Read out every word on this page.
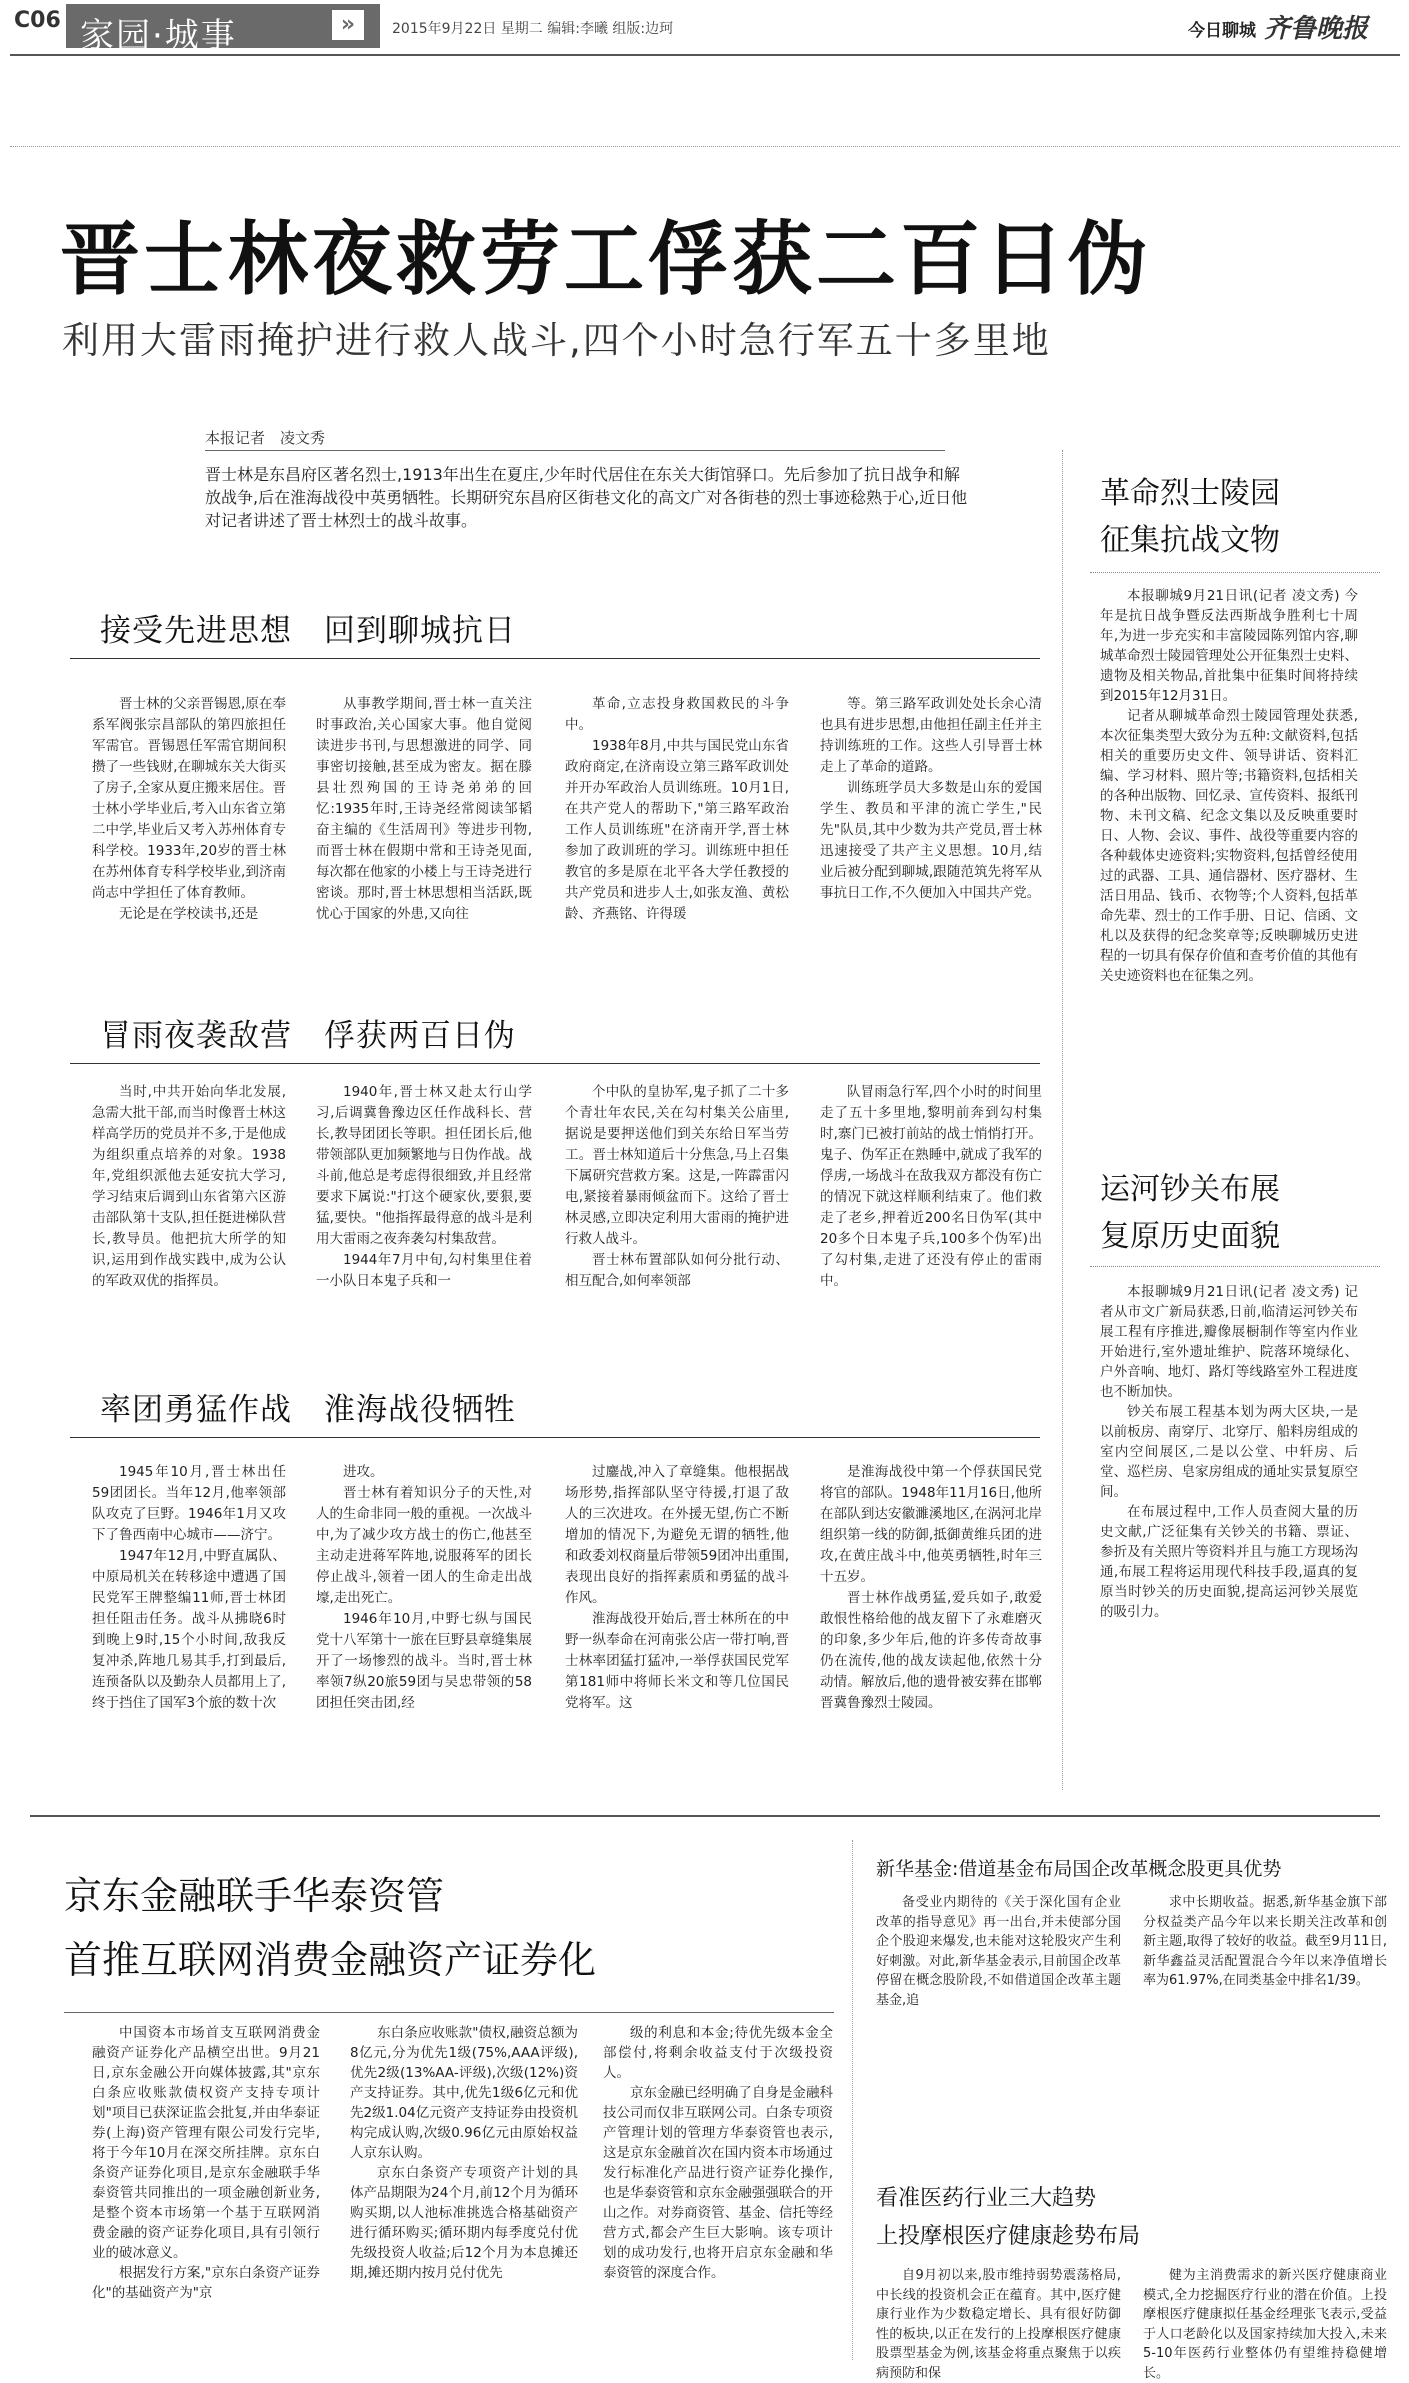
C06 家园·城事	»	2015年9月22日 星期二 编辑:李曦 组版:边珂	今日聊城 齐鲁晚报
晋士林夜救劳工俘获二百日伪
利用大雷雨掩护进行救人战斗,四个小时急行军五十多里地
本报记者　凌文秀
晋士林是东昌府区著名烈士,1913年出生在夏庄,少年时代居住在东关大街馆驿口。先后参加了抗日战争和解放战争,后在淮海战役中英勇牺牲。长期研究东昌府区街巷文化的高文广对各街巷的烈士事迹稔熟于心,近日他对记者讲述了晋士林烈士的战斗故事。
接受先进思想　回到聊城抗日

晋士林的父亲晋锡恩,原在奉系军阀张宗昌部队的第四旅担任军需官。晋锡恩任军需官期间积攒了一些钱财,在聊城东关大街买了房子,全家从夏庄搬来居住。晋士林小学毕业后,考入山东省立第二中学,毕业后又考入苏州体育专科学校。1933年,20岁的晋士林在苏州体育专科学校毕业,到济南尚志中学担任了体育教师。

无论是在学校读书,还是

从事教学期间,晋士林一直关注时事政治,关心国家大事。他自觉阅读进步书刊,与思想激进的同学、同事密切接触,甚至成为密友。据在滕县壮烈殉国的王诗尧弟弟的回忆:1935年时,王诗尧经常阅读邹韬奋主编的《生活周刊》等进步刊物,而晋士林在假期中常和王诗尧见面,每次都在他家的小楼上与王诗尧进行密谈。那时,晋士林思想相当活跃,既忧心于国家的外患,又向往

革命,立志投身救国救民的斗争中。

1938年8月,中共与国民党山东省政府商定,在济南设立第三路军政训处并开办军政治人员训练班。10月1日,在共产党人的帮助下,"第三路军政治工作人员训练班"在济南开学,晋士林参加了政训班的学习。训练班中担任教官的多是原在北平各大学任教授的共产党员和进步人士,如张友渔、黄松龄、齐燕铭、许得瑗

等。第三路军政训处处长余心清也具有进步思想,由他担任副主任并主持训练班的工作。这些人引导晋士林走上了革命的道路。

训练班学员大多数是山东的爱国学生、教员和平津的流亡学生,"民先"队员,其中少数为共产党员,晋士林迅速接受了共产主义思想。10月,结业后被分配到聊城,跟随范筑先将军从事抗日工作,不久便加入中国共产党。

冒雨夜袭敌营　俘获两百日伪

当时,中共开始向华北发展,急需大批干部,而当时像晋士林这样高学历的党员并不多,于是他成为组织重点培养的对象。1938年,党组织派他去延安抗大学习,学习结束后调到山东省第六区游击部队第十支队,担任挺进梯队营长,教导员。他把抗大所学的知识,运用到作战实践中,成为公认的军政双优的指挥员。

1940年,晋士林又赴太行山学习,后调冀鲁豫边区任作战科长、营长,教导团团长等职。担任团长后,他带领部队更加频繁地与日伪作战。战斗前,他总是考虑得很细致,并且经常要求下属说:"打这个硬家伙,要狠,要猛,要快。"他指挥最得意的战斗是利用大雷雨之夜奔袭勾村集敌营。

1944年7月中旬,勾村集里住着一小队日本鬼子兵和一

个中队的皇协军,鬼子抓了二十多个青壮年农民,关在勾村集关公庙里,据说是要押送他们到关东给日军当劳工。晋士林知道后十分焦急,马上召集下属研究营救方案。这是,一阵霹雷闪电,紧接着暴雨倾盆而下。这给了晋士林灵感,立即决定利用大雷雨的掩护进行救人战斗。

晋士林布置部队如何分批行动、相互配合,如何率领部

队冒雨急行军,四个小时的时间里走了五十多里地,黎明前奔到勾村集时,寨门已被打前站的战士悄悄打开。鬼子、伪军正在熟睡中,就成了我军的俘虏,一场战斗在敌我双方都没有伤亡的情况下就这样顺利结束了。他们救走了老乡,押着近200名日伪军(其中20多个日本鬼子兵,100多个伪军)出了勾村集,走进了还没有停止的雷雨中。

率团勇猛作战　淮海战役牺牲

1945年10月,晋士林出任59团团长。当年12月,他率领部队攻克了巨野。1946年1月又攻下了鲁西南中心城市——济宁。

1947年12月,中野直属队、中原局机关在转移途中遭遇了国民党军王牌整编11师,晋士林团担任阻击任务。战斗从拂晓6时到晚上9时,15个小时间,敌我反复冲杀,阵地几易其手,打到最后,连预备队以及勤杂人员都用上了,终于挡住了国军3个旅的数十次

进攻。

晋士林有着知识分子的天性,对人的生命非同一般的重视。一次战斗中,为了减少攻方战士的伤亡,他甚至主动走进蒋军阵地,说服蒋军的团长停止战斗,领着一团人的生命走出战壕,走出死亡。

1946年10月,中野七纵与国民党十八军第十一旅在巨野县章缝集展开了一场惨烈的战斗。当时,晋士林率领7纵20旅59团与吴忠带领的58团担任突击团,经

过鏖战,冲入了章缝集。他根据战场形势,指挥部队坚守待援,打退了敌人的三次进攻。在外援无望,伤亡不断增加的情况下,为避免无谓的牺牲,他和政委刘权商量后带领59团冲出重围,表现出良好的指挥素质和勇猛的战斗作风。

淮海战役开始后,晋士林所在的中野一纵奉命在河南张公店一带打响,晋士林率团猛打猛冲,一举俘获国民党军第181师中将师长米文和等几位国民党将军。这

是淮海战役中第一个俘获国民党将官的部队。1948年11月16日,他所在部队到达安徽濉溪地区,在涡河北岸组织第一线的防御,抵御黄维兵团的进攻,在黄庄战斗中,他英勇牺牲,时年三十五岁。

晋士林作战勇猛,爱兵如子,敢爱敢恨性格给他的战友留下了永难磨灭的印象,多少年后,他的许多传奇故事仍在流传,他的战友读起他,依然十分动情。解放后,他的遗骨被安葬在邯郸晋冀鲁豫烈士陵园。

革命烈士陵园
征集抗战文物

本报聊城9月21日讯(记者 凌文秀) 今年是抗日战争暨反法西斯战争胜利七十周年,为进一步充实和丰富陵园陈列馆内容,聊城革命烈士陵园管理处公开征集烈士史料、遗物及相关物品,首批集中征集时间将持续到2015年12月31日。

记者从聊城革命烈士陵园管理处获悉,本次征集类型大致分为五种:文献资料,包括相关的重要历史文件、领导讲话、资料汇编、学习材料、照片等;书籍资料,包括相关的各种出版物、回忆录、宣传资料、报纸刊物、未刊文稿、纪念文集以及反映重要时日、人物、会议、事件、战役等重要内容的各种载体史迹资料;实物资料,包括曾经使用过的武器、工具、通信器材、医疗器材、生活日用品、钱币、衣物等;个人资料,包括革命先辈、烈士的工作手册、日记、信函、文札以及获得的纪念奖章等;反映聊城历史进程的一切具有保存价值和查考价值的其他有关史迹资料也在征集之列。

运河钞关布展
复原历史面貌

本报聊城9月21日讯(记者 凌文秀) 记者从市文广新局获悉,日前,临清运河钞关布展工程有序推进,瓣像展橱制作等室内作业开始进行,室外遗址维护、院落环境绿化、户外音响、地灯、路灯等线路室外工程进度也不断加快。

钞关布展工程基本划为两大区块,一是以前板房、南穿厅、北穿厅、船料房组成的室内空间展区,二是以公堂、中轩房、后堂、巡栏房、皂家房组成的通址实景复原空间。

在布展过程中,工作人员查阅大量的历史文献,广泛征集有关钞关的书籍、票证、参折及有关照片等资料并且与施工方现场沟通,布展工程将运用现代科技手段,逼真的复原当时钞关的历史面貌,提高运河钞关展览的吸引力。

京东金融联手华泰资管
首推互联网消费金融资产证券化

中国资本市场首支互联网消费金融资产证券化产品横空出世。9月21日,京东金融公开向媒体披露,其"京东白条应收账款债权资产支持专项计划"项目已获深证监会批复,并由华泰证券(上海)资产管理有限公司发行完毕,将于今年10月在深交所挂牌。京东白条资产证券化项目,是京东金融联手华泰资管共同推出的一项金融创新业务,是整个资本市场第一个基于互联网消费金融的资产证券化项目,具有引领行业的破冰意义。

根据发行方案,"京东白条资产证券化"的基础资产为"京

东白条应收账款"债权,融资总额为8亿元,分为优先1级(75%,AAA评级),优先2级(13%AA-评级),次级(12%)资产支持证券。其中,优先1级6亿元和优先2级1.04亿元资产支持证券由投资机构完成认购,次级0.96亿元由原始权益人京东认购。

京东白条资产专项资产计划的具体产品期限为24个月,前12个月为循环购买期,以人池标准挑选合格基础资产进行循环购买;循环期内每季度兑付优先级投资人收益;后12个月为本息摊还期,摊还期内按月兑付优先

级的利息和本金;待优先级本金全部偿付,将剩余收益支付于次级投资人。

京东金融已经明确了自身是金融科技公司而仅非互联网公司。白条专项资产管理计划的管理方华泰资管也表示,这是京东金融首次在国内资本市场通过发行标准化产品进行资产证券化操作,也是华泰资管和京东金融强强联合的开山之作。对券商资管、基金、信托等经营方式,都会产生巨大影响。该专项计划的成功发行,也将开启京东金融和华泰资管的深度合作。

新华基金:借道基金布局国企改革概念股更具优势

备受业内期待的《关于深化国有企业改革的指导意见》再一出台,并未使部分国企个股迎来爆发,也未能对这轮股灾产生利好刺激。对此,新华基金表示,目前国企改革停留在概念股阶段,不如借道国企改革主题基金,追

求中长期收益。据悉,新华基金旗下部分权益类产品今年以来长期关注改革和创新主题,取得了较好的收益。截至9月11日,新华鑫益灵活配置混合今年以来净值增长率为61.97%,在同类基金中排名1/39。

看准医药行业三大趋势
上投摩根医疗健康趁势布局

自9月初以来,股市维持弱势震荡格局,中长线的投资机会正在蕴育。其中,医疗健康行业作为少数稳定增长、具有很好防御性的板块,以正在发行的上投摩根医疗健康股票型基金为例,该基金将重点聚焦于以疾病预防和保

健为主消费需求的新兴医疗健康商业模式,全力挖掘医疗行业的潜在价值。上投摩根医疗健康拟任基金经理张飞表示,受益于人口老龄化以及国家持续加大投入,未来5-10年医药行业整体仍有望维持稳健增长。
